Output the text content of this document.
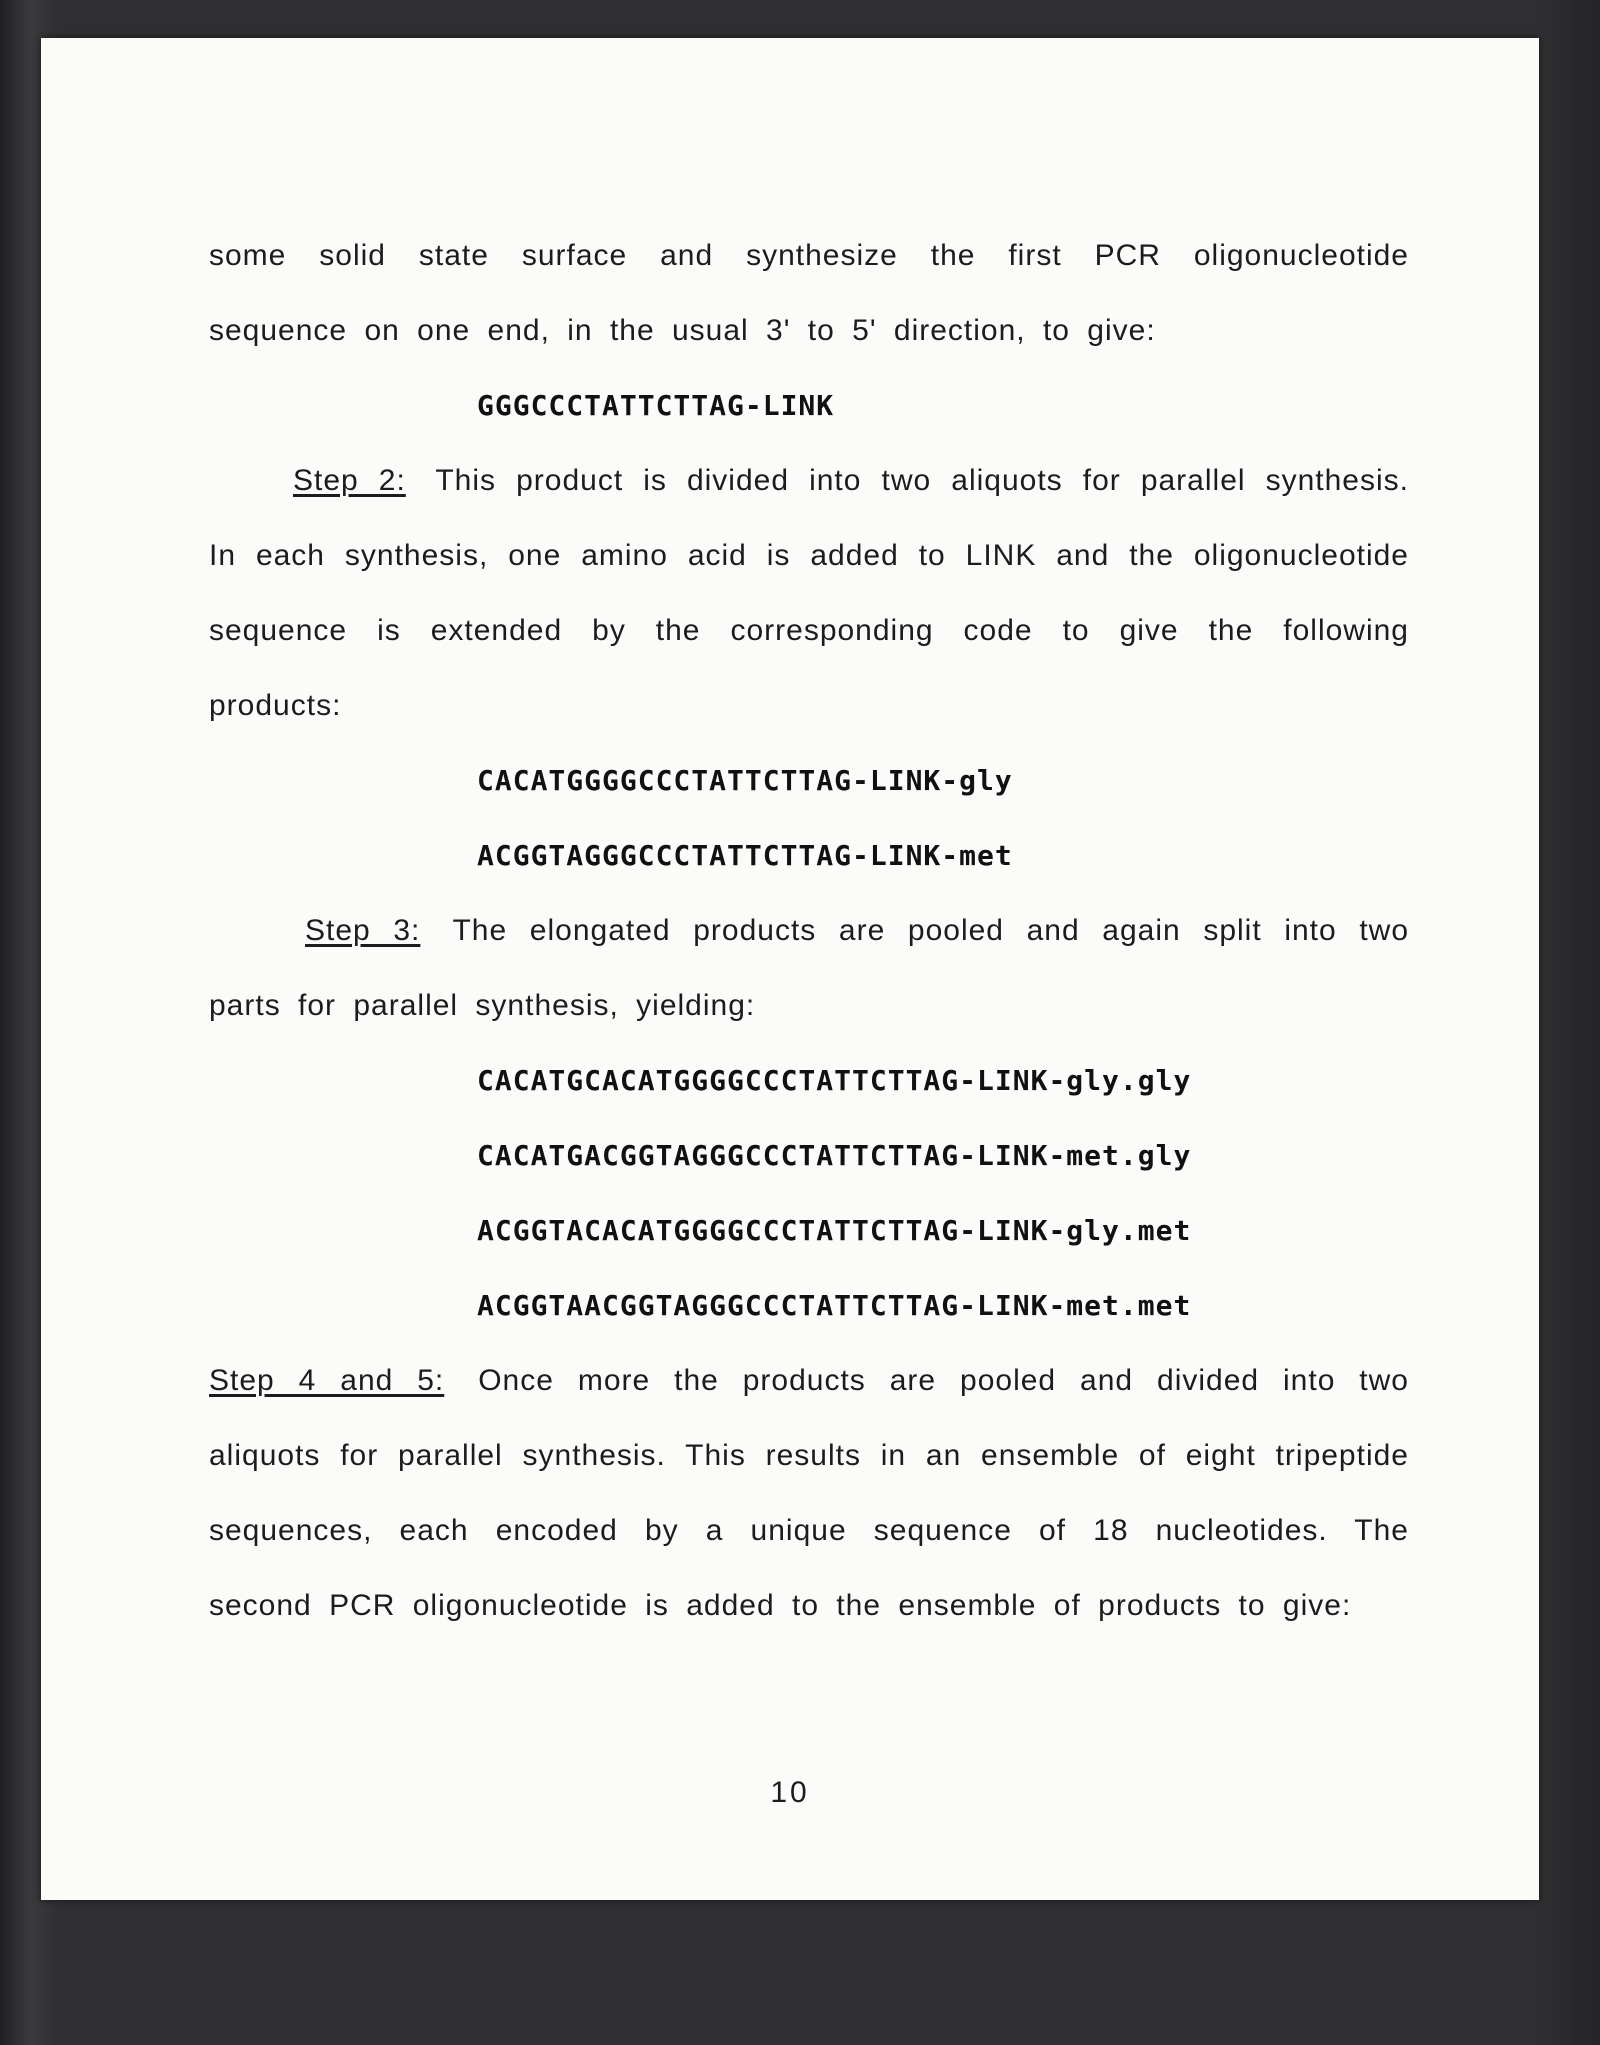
some solid state surface and synthesize the first PCR oligonucleotide sequence on one end, in the usual 3' to 5' direction, to give:

GGGCCCTATTCTTAG-LINK

Step 2: This product is divided into two aliquots for parallel synthesis. In each synthesis, one amino acid is added to LINK and the oligonucleotide sequence is extended by the corresponding code to give the following products:

CACATGGGGCCCTATTCTTAG-LINK-gly

ACGGTAGGGCCCTATTCTTAG-LINK-met

Step 3: The elongated products are pooled and again split into two parts for parallel synthesis, yielding:

CACATGCACATGGGGCCCTATTCTTAG-LINK-gly.gly

CACATGACGGTAGGGCCCTATTCTTAG-LINK-met.gly

ACGGTACACATGGGGCCCTATTCTTAG-LINK-gly.met

ACGGTAACGGTAGGGCCCTATTCTTAG-LINK-met.met

Step 4 and 5: Once more the products are pooled and divided into two aliquots for parallel synthesis. This results in an ensemble of eight tripeptide sequences, each encoded by a unique sequence of 18 nucleotides. The second PCR oligonucleotide is added to the ensemble of products to give:

10
